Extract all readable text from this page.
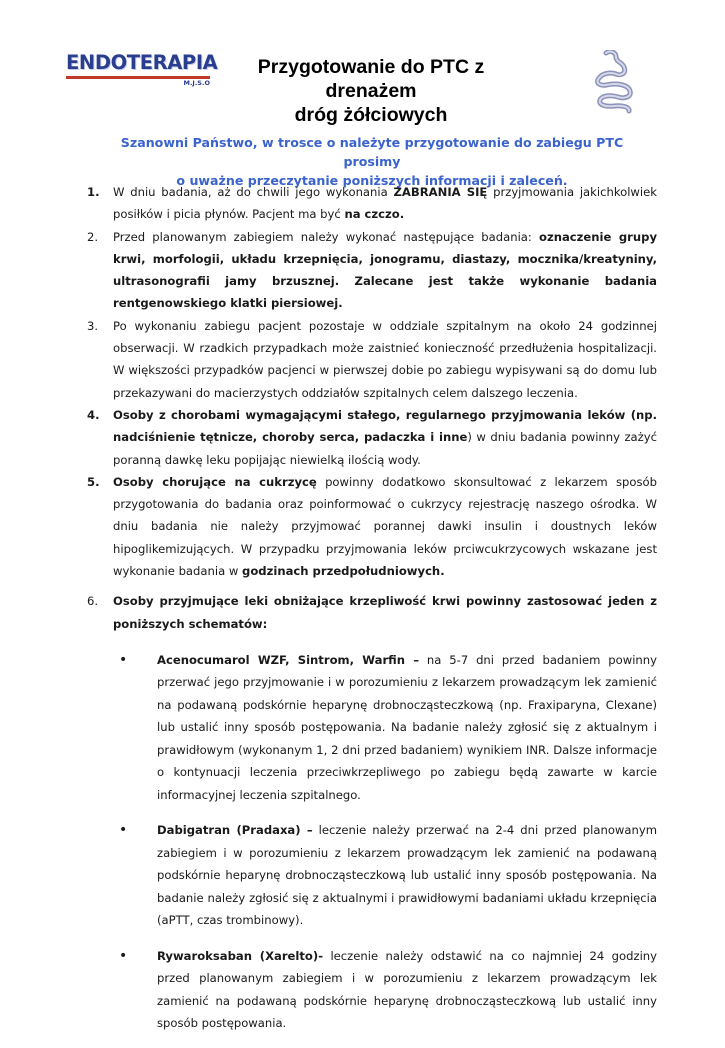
ENDOTERAPIA
M.J.S.O
Przygotowanie do PTC z drenażem
dróg żółciowych
Szanowni Państwo, w trosce o należyte przygotowanie do zabiegu PTC prosimy
o uważne przeczytanie poniższych informacji i zaleceń.
1. W dniu badania, aż do chwili jego wykonania ZABRANIA SIĘ przyjmowania jakichkolwiek posiłków i picia płynów. Pacjent ma być na czczo.
2. Przed planowanym zabiegiem należy wykonać następujące badania: oznaczenie grupy krwi, morfologii, układu krzepnięcia, jonogramu, diastazy, mocznika/kreatyniny, ultrasonografii jamy brzusznej. Zalecane jest także wykonanie badania rentgenowskiego klatki piersiowej.
3. Po wykonaniu zabiegu pacjent pozostaje w oddziale szpitalnym na około 24 godzinnej obserwacji. W rzadkich przypadkach może zaistnieć konieczność przedłużenia hospitalizacji. W większości przypadków pacjenci w pierwszej dobie po zabiegu wypisywani są do domu lub przekazywani do macierzystych oddziałów szpitalnych celem dalszego leczenia.
4. Osoby z chorobami wymagającymi stałego, regularnego przyjmowania leków (np. nadciśnienie tętnicze, choroby serca, padaczka i inne) w dniu badania powinny zażyć poranną dawkę leku popijając niewielką ilością wody.
5. Osoby chorujące na cukrzycę powinny dodatkowo skonsultować z lekarzem sposób przygotowania do badania oraz poinformować o cukrzycy rejestrację naszego ośrodka. W dniu badania nie należy przyjmować porannej dawki insulin i doustnych leków hipoglikemizujących. W przypadku przyjmowania leków prciwcukrzycowych wskazane jest wykonanie badania w godzinach przedpołudniowych.
6. Osoby przyjmujące leki obniżające krzepliwość krwi powinny zastosować jeden z poniższych schematów:
•	Acenocumarol WZF, Sintrom, Warfin – na 5-7 dni przed badaniem powinny przerwać jego przyjmowanie i w porozumieniu z lekarzem prowadzącym lek zamienić na podawaną podskórnie heparynę drobnocząsteczkową (np. Fraxiparyna, Clexane) lub ustalić inny sposób postępowania. Na badanie należy zgłosić się z aktualnym i prawidłowym (wykonanym 1, 2 dni przed badaniem) wynikiem INR. Dalsze informacje o kontynuacji leczenia przeciwkrzepliwego po zabiegu będą zawarte w karcie informacyjnej leczenia szpitalnego.
•	Dabigatran (Pradaxa) – leczenie należy przerwać na 2-4 dni przed planowanym zabiegiem i w porozumieniu z lekarzem prowadzącym lek zamienić na podawaną podskórnie heparynę drobnocząsteczkową lub ustalić inny sposób postępowania. Na badanie należy zgłosić się z aktualnymi i prawidłowymi badaniami układu krzepnięcia (aPTT, czas trombinowy).
•	Rywaroksaban (Xarelto)- leczenie należy odstawić na co najmniej 24 godziny przed planowanym zabiegiem i w porozumieniu z lekarzem prowadzącym lek zamienić na podawaną podskórnie heparynę drobnocząsteczkową lub ustalić inny sposób postępowania.
